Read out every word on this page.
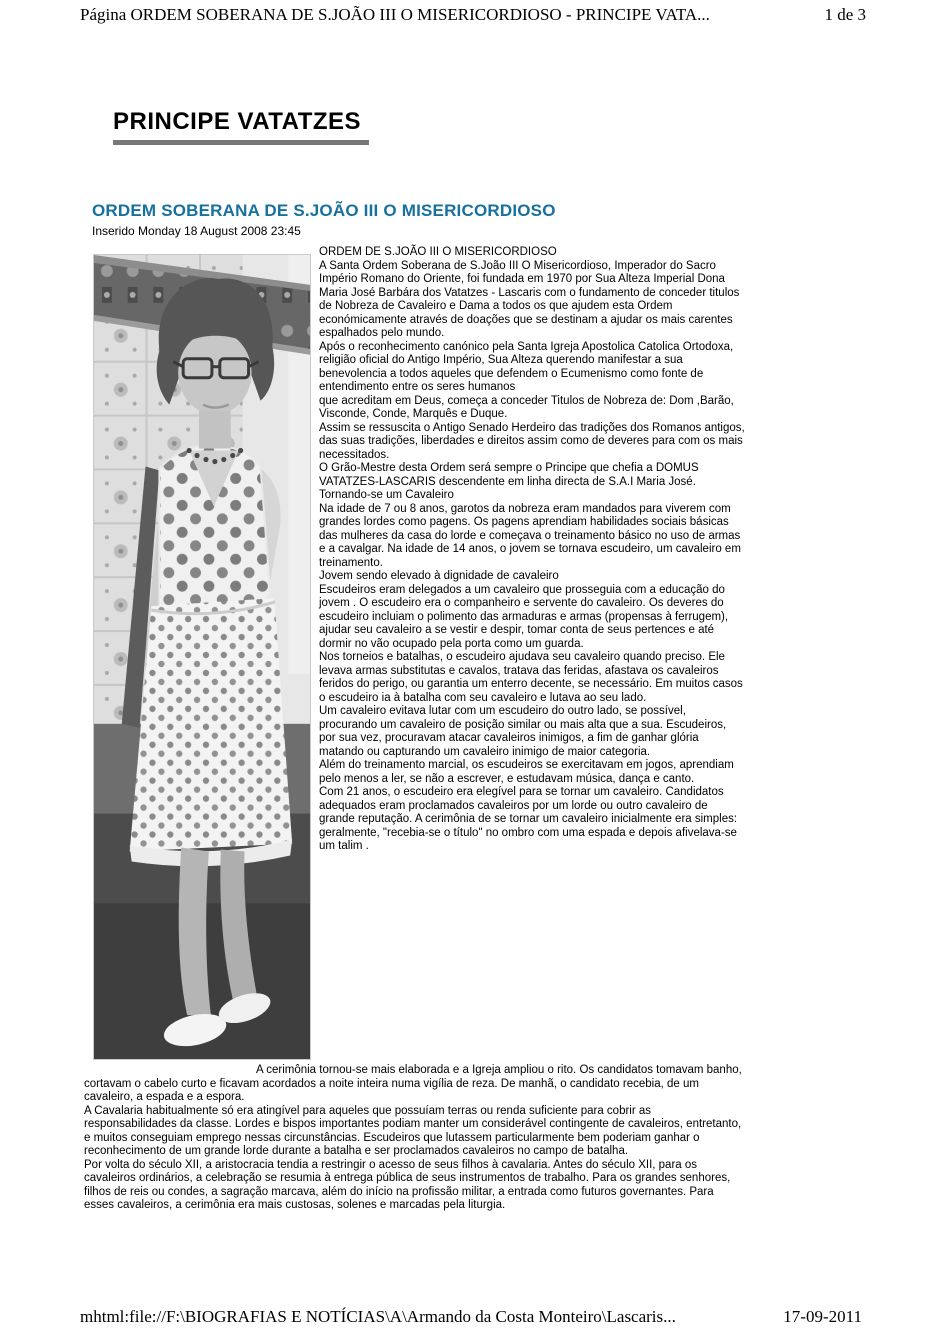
Página ORDEM SOBERANA DE S.JOÃO III O MISERICORDIOSO - PRINCIPE VATA...	1 de 3
PRINCIPE VATATZES
ORDEM SOBERANA DE S.JOÃO III O MISERICORDIOSO
Inserido Monday 18 August 2008 23:45

ORDEM DE S.JOÃO III O MISERICORDIOSO

A Santa Ordem Soberana de S.João III O Misericordioso, Imperador do Sacro Império Romano do Oriente, foi fundada em 1970 por Sua Alteza Imperial Dona Maria José Barbára dos Vatatzes - Lascaris com o fundamento de conceder titulos de Nobreza de Cavaleiro e Dama a todos os que ajudem esta Ordem económicamente através de doações que se destinam a ajudar os mais carentes espalhados pelo mundo.

Após o reconhecimento canónico pela Santa Igreja Apostolica Catolica Ortodoxa, religião oficial do Antigo Império, Sua Alteza querendo manifestar a sua benevolencia a todos aqueles que defendem o Ecumenismo como fonte de entendimento entre os seres humanos

que acreditam em Deus, começa a conceder Titulos de Nobreza de: Dom ,Barão, Visconde, Conde, Marquês e Duque.

Assim se ressuscita o Antigo Senado Herdeiro das tradições dos Romanos antigos, das suas tradições, liberdades e direitos assim como de deveres para com os mais necessitados.

O Grão-Mestre desta Ordem será sempre o Principe que chefia a DOMUS VATATZES-LASCARIS descendente em linha directa de S.A.I Maria José.

Tornando-se um Cavaleiro

Na idade de 7 ou 8 anos, garotos da nobreza eram mandados para viverem com grandes lordes como pagens. Os pagens aprendiam habilidades sociais básicas das mulheres da casa do lorde e começava o treinamento básico no uso de armas e a cavalgar. Na idade de 14 anos, o jovem se tornava escudeiro, um cavaleiro em treinamento.

Jovem sendo elevado à dignidade de cavaleiro

Escudeiros eram delegados a um cavaleiro que prosseguia com a educação do jovem . O escudeiro era o companheiro e servente do cavaleiro. Os deveres do escudeiro incluiam o polimento das armaduras e armas (propensas à ferrugem), ajudar seu cavaleiro a se vestir e despir, tomar conta de seus pertences e até dormir no vão ocupado pela porta como um guarda.

Nos torneios e batalhas, o escudeiro ajudava seu cavaleiro quando preciso. Ele levava armas substitutas e cavalos, tratava das feridas, afastava os cavaleiros feridos do perigo, ou garantia um enterro decente, se necessário. Em muitos casos o escudeiro ia à batalha com seu cavaleiro e lutava ao seu lado.

Um cavaleiro evitava lutar com um escudeiro do outro lado, se possível, procurando um cavaleiro de posição similar ou mais alta que a sua. Escudeiros, por sua vez, procuravam atacar cavaleiros inimigos, a fim de ganhar glória matando ou capturando um cavaleiro inimigo de maior categoria.

Além do treinamento marcial, os escudeiros se exercitavam em jogos, aprendiam pelo menos a ler, se não a escrever, e estudavam música, dança e canto.

Com 21 anos, o escudeiro era elegível para se tornar um cavaleiro. Candidatos adequados eram proclamados cavaleiros por um lorde ou outro cavaleiro de grande reputação. A cerimônia de se tornar um cavaleiro inicialmente era simples: geralmente, "recebia-se o título" no ombro com uma espada e depois afivelava-se um talim .

A cerimônia tornou-se mais elaborada e a Igreja ampliou o rito. Os candidatos tomavam banho, cortavam o cabelo curto e ficavam acordados a noite inteira numa vigília de reza. De manhã, o candidato recebia, de um cavaleiro, a espada e a espora.

A Cavalaria habitualmente só era atingível para aqueles que possuíam terras ou renda suficiente para cobrir as responsabilidades da classe. Lordes e bispos importantes podiam manter um considerável contingente de cavaleiros, entretanto, e muitos conseguiam emprego nessas circunstâncias. Escudeiros que lutassem particularmente bem poderiam ganhar o reconhecimento de um grande lorde durante a batalha e ser proclamados cavaleiros no campo de batalha.

Por volta do século XII, a aristocracia tendia a restringir o acesso de seus filhos à cavalaria. Antes do século XII, para os cavaleiros ordinários, a celebração se resumia à entrega pública de seus instrumentos de trabalho. Para os grandes senhores, filhos de reis ou condes, a sagração marcava, além do início na profissão militar, a entrada como futuros governantes. Para esses cavaleiros, a cerimônia era mais custosas, solenes e marcadas pela liturgia.

mhtml:file://F:\BIOGRAFIAS E NOTÍCIAS\A\Armando da Costa Monteiro\Lascaris...	17-09-2011
